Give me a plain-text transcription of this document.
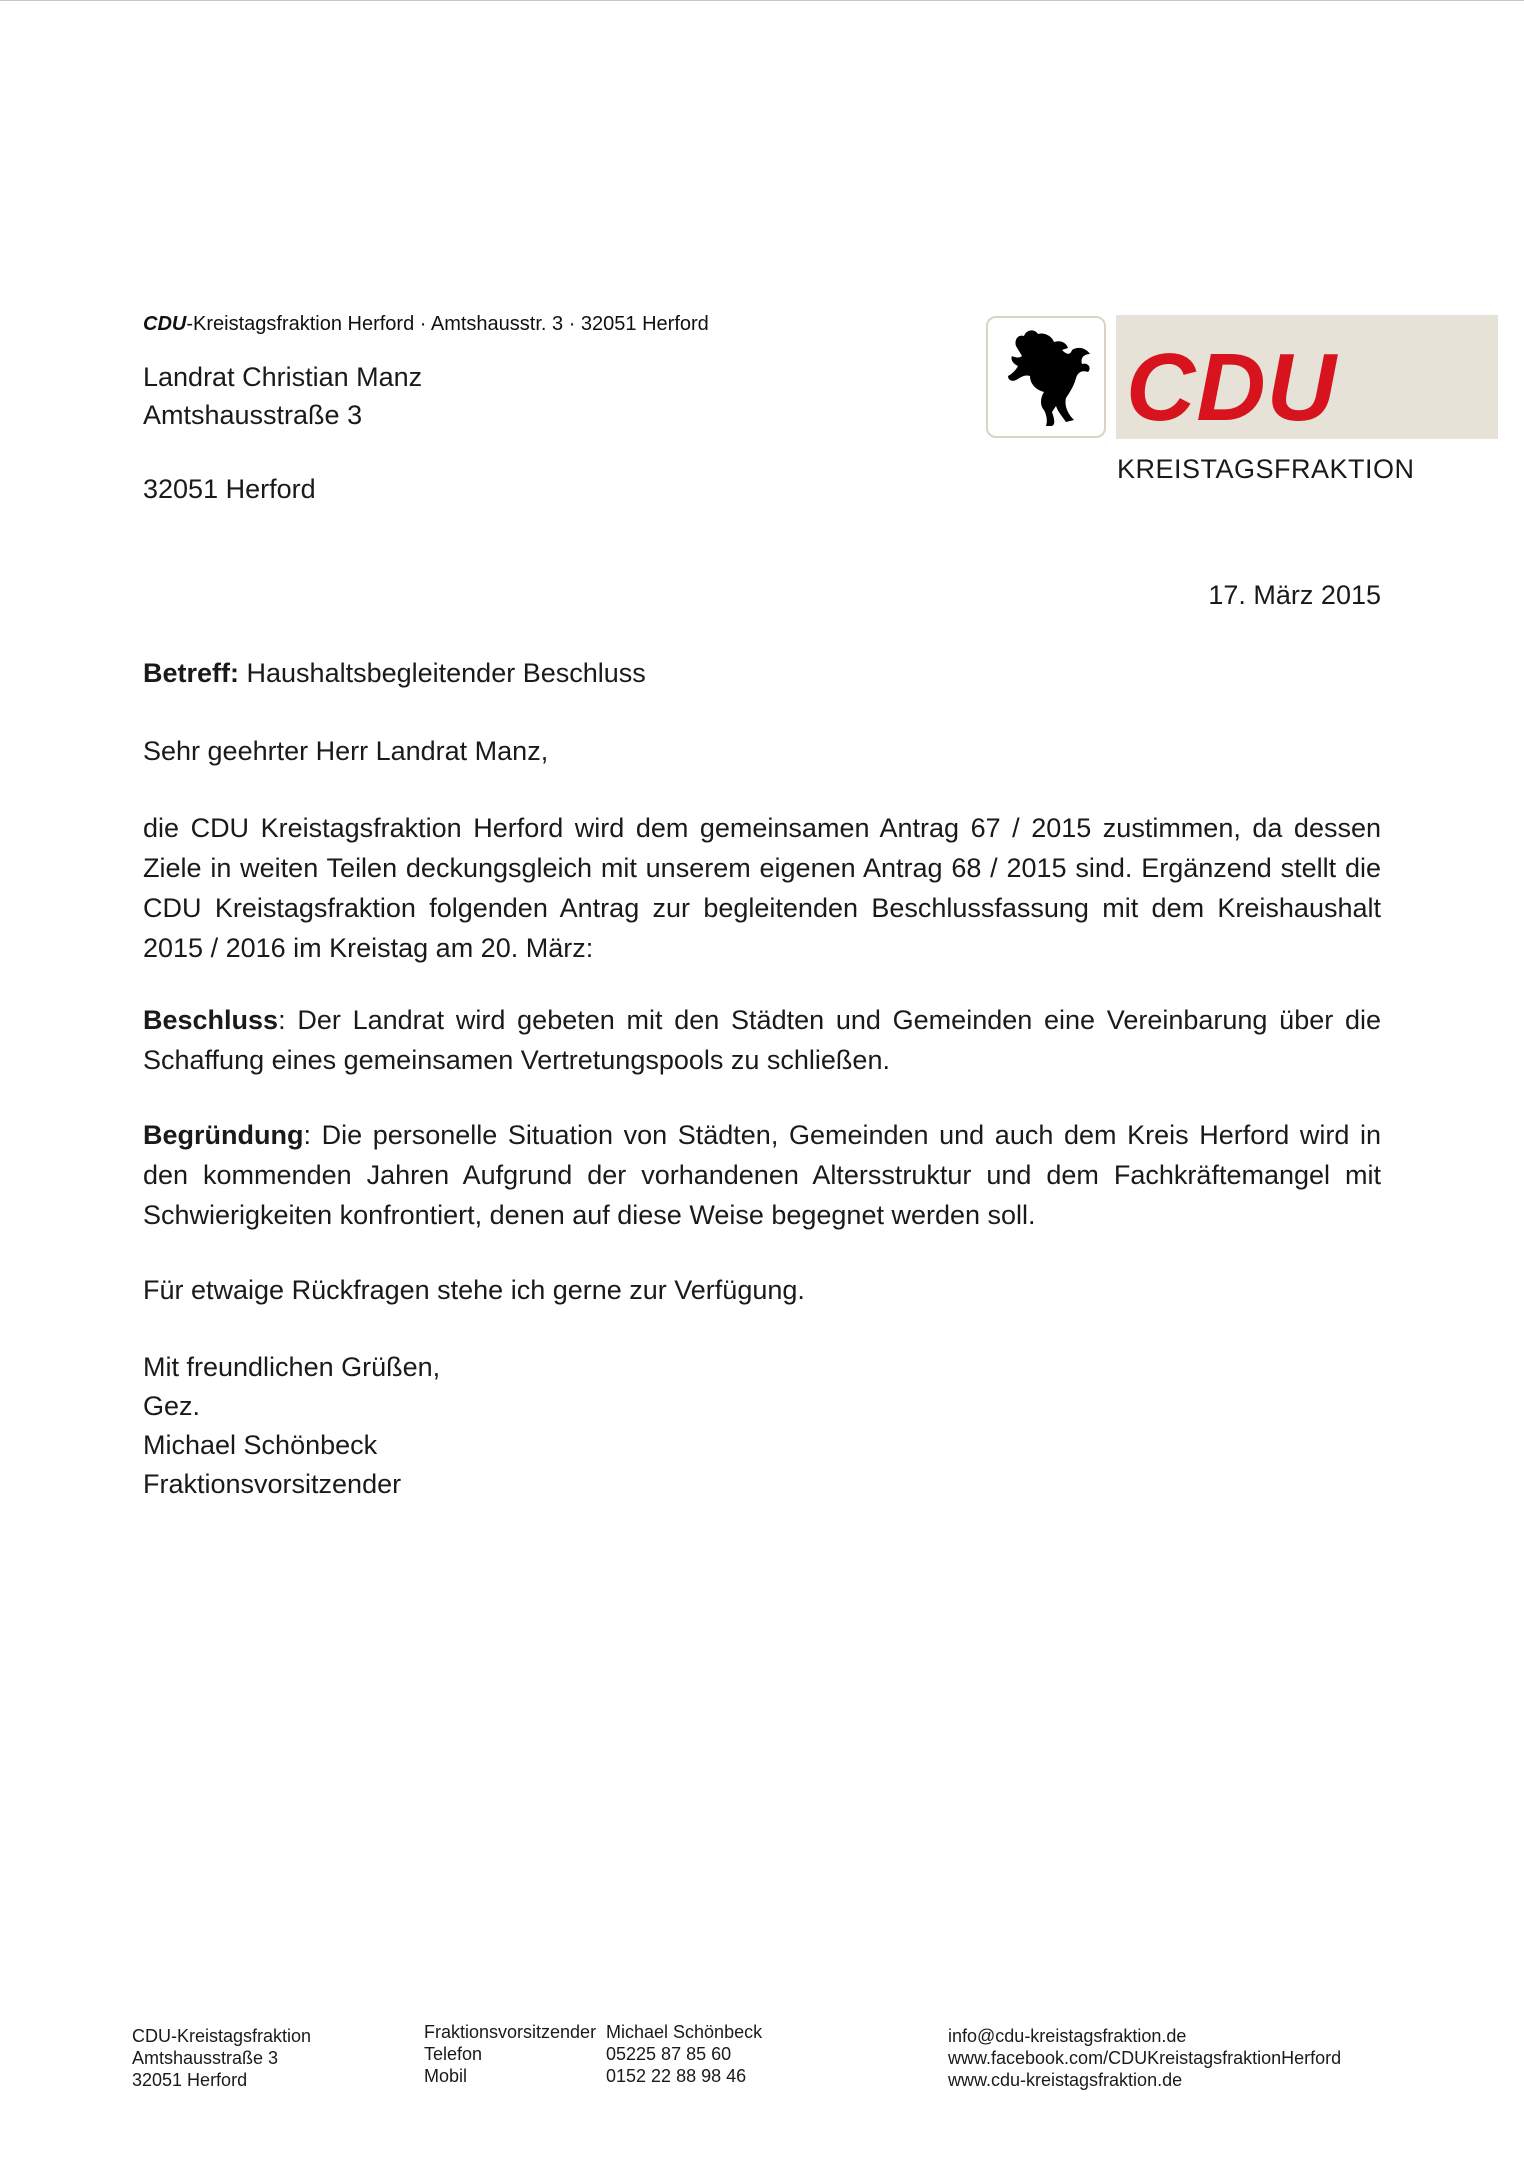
CDU-Kreistagsfraktion Herford · Amtshausstr. 3 · 32051 Herford
Landrat Christian Manz
Amtshausstraße 3
32051 Herford
CDU
KREISTAGSFRAKTION
17. März 2015
Betreff: Haushaltsbegleitender Beschluss
Sehr geehrter Herr Landrat Manz,
die CDU Kreistagsfraktion Herford wird dem gemeinsamen Antrag 67 / 2015 zustimmen, da dessen Ziele in weiten Teilen deckungsgleich mit unserem eigenen Antrag 68 / 2015 sind. Ergänzend stellt die CDU Kreistagsfraktion folgenden Antrag zur begleitenden Beschlussfassung mit dem Kreishaushalt 2015 / 2016 im Kreistag am 20. März:
Beschluss: Der Landrat wird gebeten mit den Städten und Gemeinden eine Vereinbarung über die Schaffung eines gemeinsamen Vertretungspools zu schließen.
Begründung: Die personelle Situation von Städten, Gemeinden und auch dem Kreis Herford wird in den kommenden Jahren Aufgrund der vorhandenen Altersstruktur und dem Fachkräftemangel mit Schwierigkeiten konfrontiert, denen auf diese Weise begegnet werden soll.
Für etwaige Rückfragen stehe ich gerne zur Verfügung.
Mit freundlichen Grüßen,
Gez.
Michael Schönbeck
Fraktionsvorsitzender
CDU-Kreistagsfraktion
Amtshausstraße 3
32051 Herford
Fraktionsvorsitzender
Telefon
Mobil
Michael Schönbeck
05225 87 85 60
0152 22 88 98 46
info@cdu-kreistagsfraktion.de
www.facebook.com/CDUKreistagsfraktionHerford
www.cdu-kreistagsfraktion.de
